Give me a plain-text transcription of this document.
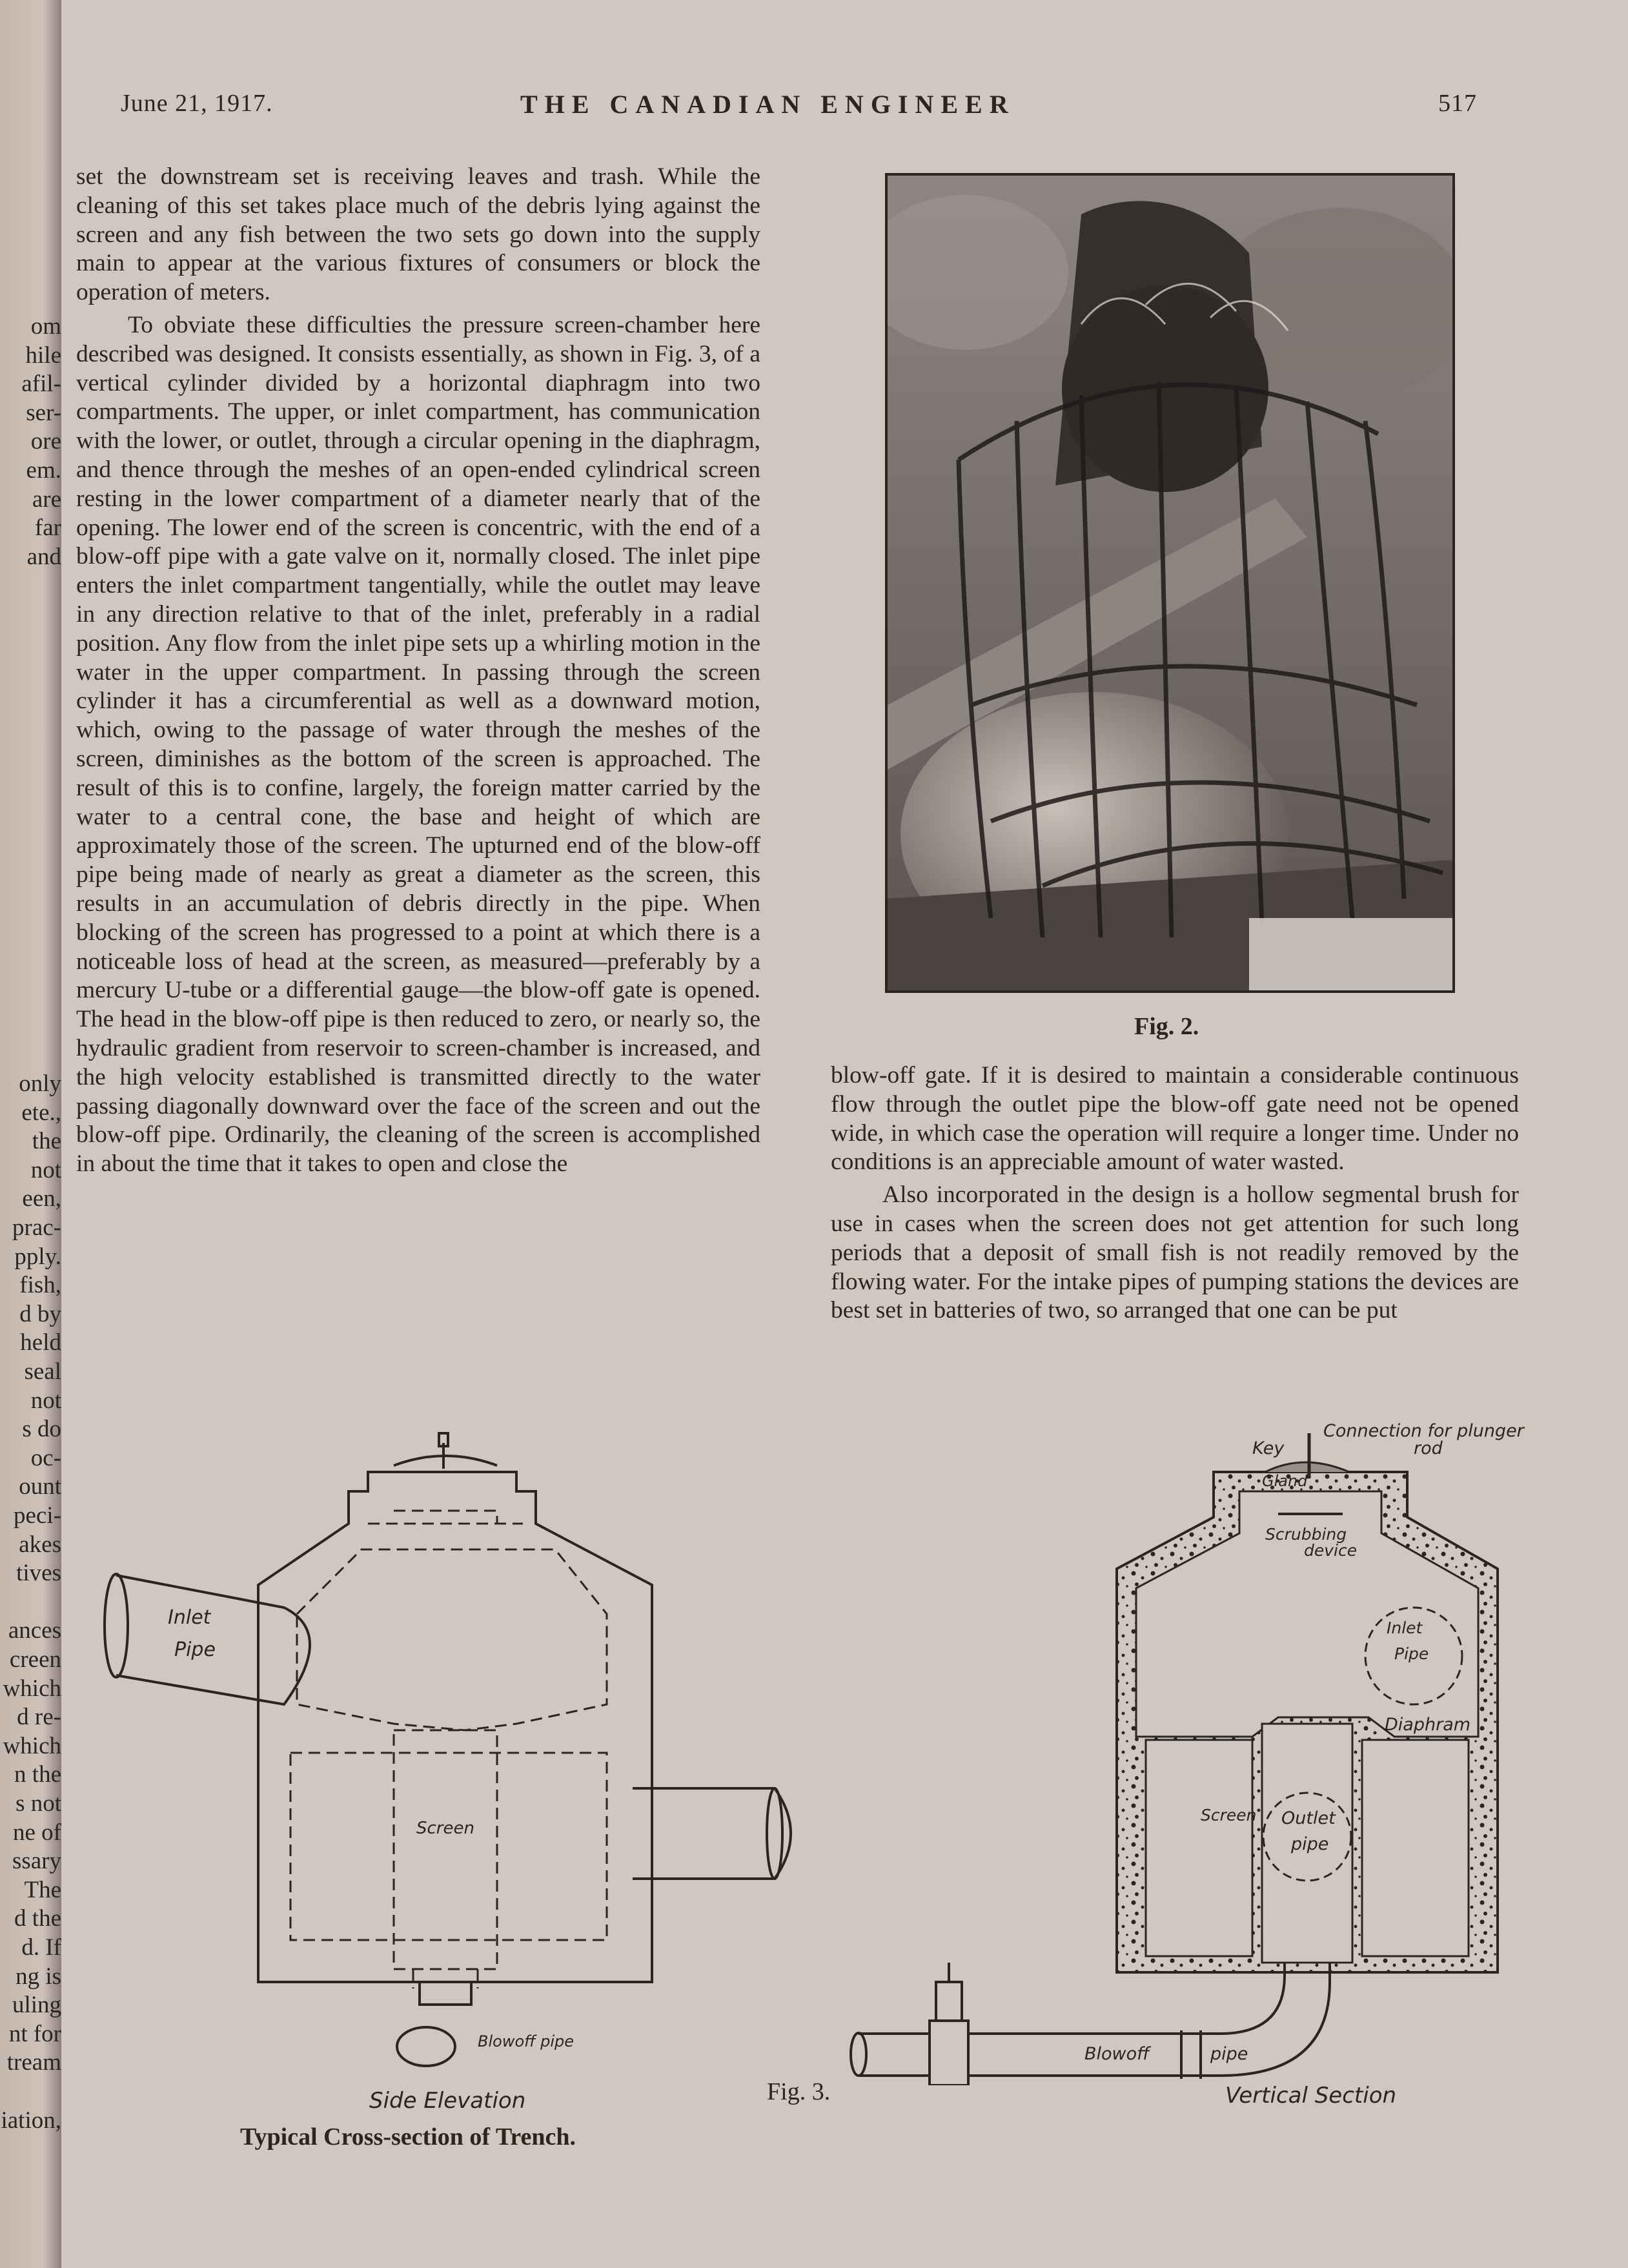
om
hile
afil-
ser-
ore
em.
are
far
and
only
ete.,
the
not
een,
prac-
pply.
fish,
d by
held
seal
not
s do
oc-
ount
peci-
akes
tives
ances
creen
which
d re-
which
n the
s not
ne of
ssary
The
d the
d. If
ng is
uling
nt for
tream
iation,
June 21, 1917.	THE CANADIAN ENGINEER	517

set the downstream set is receiving leaves and trash. While the cleaning of this set takes place much of the debris lying against the screen and any fish between the two sets go down into the supply main to appear at the various fixtures of consumers or block the operation of meters.

To obviate these difficulties the pressure screen-chamber here described was designed. It consists essentially, as shown in Fig. 3, of a vertical cylinder divided by a horizontal diaphragm into two compartments. The upper, or inlet compartment, has communication with the lower, or outlet, through a circular opening in the diaphragm, and thence through the meshes of an open-ended cylindrical screen resting in the lower compartment of a diameter nearly that of the opening. The lower end of the screen is concentric, with the end of a blow-off pipe with a gate valve on it, normally closed. The inlet pipe enters the inlet compartment tangentially, while the outlet may leave in any direction relative to that of the inlet, preferably in a radial position. Any flow from the inlet pipe sets up a whirling motion in the water in the upper compartment. In passing through the screen cylinder it has a circumferential as well as a downward motion, which, owing to the passage of water through the meshes of the screen, diminishes as the bottom of the screen is approached. The result of this is to confine, largely, the foreign matter carried by the water to a central cone, the base and height of which are approximately those of the screen. The upturned end of the blow-off pipe being made of nearly as great a diameter as the screen, this results in an accumulation of debris directly in the pipe. When blocking of the screen has progressed to a point at which there is a noticeable loss of head at the screen, as measured—preferably by a mercury U-tube or a differential gauge—the blow-off gate is opened. The head in the blow-off pipe is then reduced to zero, or nearly so, the hydraulic gradient from reservoir to screen-chamber is increased, and the high velocity established is transmitted directly to the water passing diagonally downward over the face of the screen and out the blow-off pipe. Ordinarily, the cleaning of the screen is accomplished in about the time that it takes to open and close the

Fig. 2.

blow-off gate. If it is desired to maintain a considerable continuous flow through the outlet pipe the blow-off gate need not be opened wide, in which case the operation will require a longer time. Under no conditions is an appreciable amount of water wasted.

Also incorporated in the design is a hollow segmental brush for use in cases when the screen does not get attention for such long periods that a deposit of small fish is not readily removed by the flowing water. For the intake pipes of pumping stations the devices are best set in batteries of two, so arranged that one can be put

Inlet
Pipe
Screen
Blowoff pipe
Side Elevation
Typical Cross-section of Trench.
Fig. 3.
Connection for plunger
rod
Key
Gland
Scrubbing
device
Inlet
Pipe
Diaphram
Screen Outlet
pipe
Blowoff	pipe
Vertical Section
